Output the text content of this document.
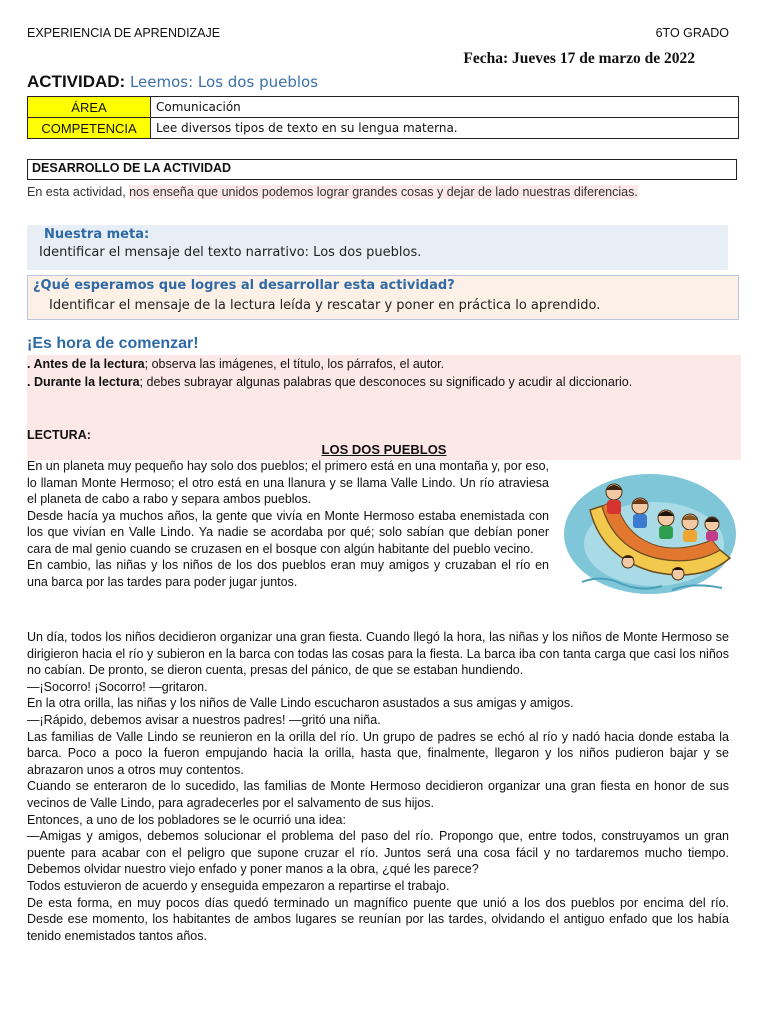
EXPERIENCIA DE APRENDIZAJE	6TO GRADO
Fecha: Jueves 17 de marzo de 2022
ACTIVIDAD: Leemos: Los dos pueblos
ÁREA	Comunicación
COMPETENCIA	Lee diversos tipos de texto en su lengua materna.
DESARROLLO DE LA ACTIVIDAD
En esta actividad, nos enseña que unidos podemos lograr grandes cosas y dejar de lado nuestras diferencias.
Nuestra meta:
Identificar el mensaje del texto narrativo: Los dos pueblos.
¿Qué esperamos que logres al desarrollar esta actividad?
Identificar el mensaje de la lectura leída y rescatar y poner en práctica lo aprendido.
¡Es hora de comenzar!

. Antes de la lectura; observa las imágenes, el título, los párrafos, el autor.

. Durante la lectura; debes subrayar algunas palabras que desconoces su significado y acudir al diccionario.

LECTURA:

LOS DOS PUEBLOS

En un planeta muy pequeño hay solo dos pueblos; el primero está en una montaña y, por eso, lo llaman Monte Hermoso; el otro está en una llanura y se llama Valle Lindo. Un río atraviesa el planeta de cabo a rabo y separa ambos pueblos.

Desde hacía ya muchos años, la gente que vivía en Monte Hermoso estaba enemistada con los que vivían en Valle Lindo. Ya nadie se acordaba por qué; solo sabían que debían poner cara de mal genio cuando se cruzasen en el bosque con algún habitante del pueblo vecino.

En cambio, las niñas y los niños de los dos pueblos eran muy amigos y cruzaban el río en una barca por las tardes para poder jugar juntos.

Un día, todos los niños decidieron organizar una gran fiesta. Cuando llegó la hora, las niñas y los niños de Monte Hermoso se dirigieron hacia el río y subieron en la barca con todas las cosas para la fiesta. La barca iba con tanta carga que casi los niños no cabían. De pronto, se dieron cuenta, presas del pánico, de que se estaban hundiendo.

—¡Socorro! ¡Socorro! —gritaron.

En la otra orilla, las niñas y los niños de Valle Lindo escucharon asustados a sus amigas y amigos.

—¡Rápido, debemos avisar a nuestros padres! —gritó una niña.

Las familias de Valle Lindo se reunieron en la orilla del río. Un grupo de padres se echó al río y nadó hacia donde estaba la barca. Poco a poco la fueron empujando hacia la orilla, hasta que, finalmente, llegaron y los niños pudieron bajar y se abrazaron unos a otros muy contentos.

Cuando se enteraron de lo sucedido, las familias de Monte Hermoso decidieron organizar una gran fiesta en honor de sus vecinos de Valle Lindo, para agradecerles por el salvamento de sus hijos.

Entonces, a uno de los pobladores se le ocurrió una idea:

—Amigas y amigos, debemos solucionar el problema del paso del río. Propongo que, entre todos, construyamos un gran puente para acabar con el peligro que supone cruzar el río. Juntos será una cosa fácil y no tardaremos mucho tiempo. Debemos olvidar nuestro viejo enfado y poner manos a la obra, ¿qué les parece?

Todos estuvieron de acuerdo y enseguida empezaron a repartirse el trabajo.

De esta forma, en muy pocos días quedó terminado un magnífico puente que unió a los dos pueblos por encima del río. Desde ese momento, los habitantes de ambos lugares se reunían por las tardes, olvidando el antiguo enfado que los había tenido enemistados tantos años.
